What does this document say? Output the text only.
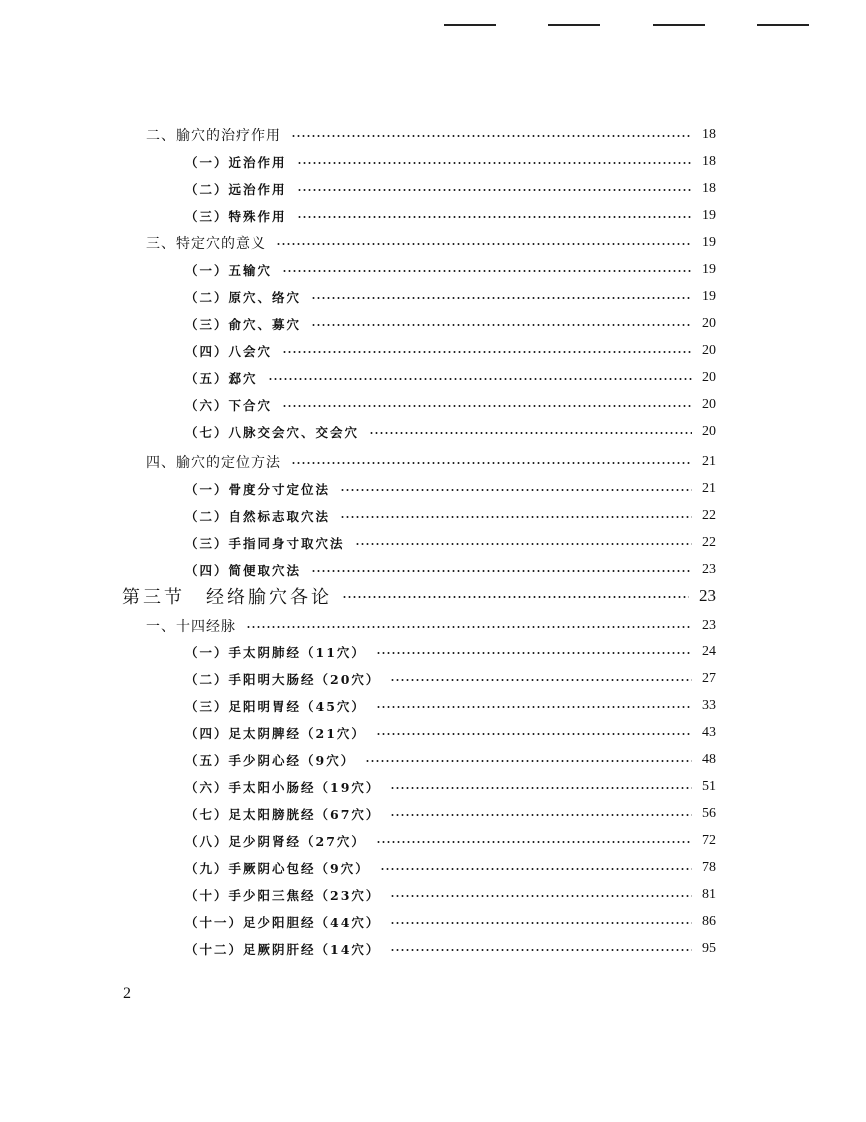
二、腧穴的治疗作用	18
（一）近治作用	18
（二）远治作用	18
（三）特殊作用	19
三、特定穴的意义	19
（一）五输穴	19
（二）原穴、络穴	19
（三）俞穴、募穴	20
（四）八会穴	20
（五）郄穴	20
（六）下合穴	20
（七）八脉交会穴、交会穴	20
四、腧穴的定位方法	21
（一）骨度分寸定位法	21
（二）自然标志取穴法	22
（三）手指同身寸取穴法	22
（四）简便取穴法	23
第三节　经络腧穴各论	23
一、十四经脉	23
（一）手太阴肺经（11穴）	24
（二）手阳明大肠经（20穴）	27
（三）足阳明胃经（45穴）	33
（四）足太阴脾经（21穴）	43
（五）手少阴心经（9穴）	48
（六）手太阳小肠经（19穴）	51
（七）足太阳膀胱经（67穴）	56
（八）足少阴肾经（27穴）	72
（九）手厥阴心包经（9穴）	78
（十）手少阳三焦经（23穴）	81
（十一）足少阳胆经（44穴）	86
（十二）足厥阴肝经（14穴）	95
2
